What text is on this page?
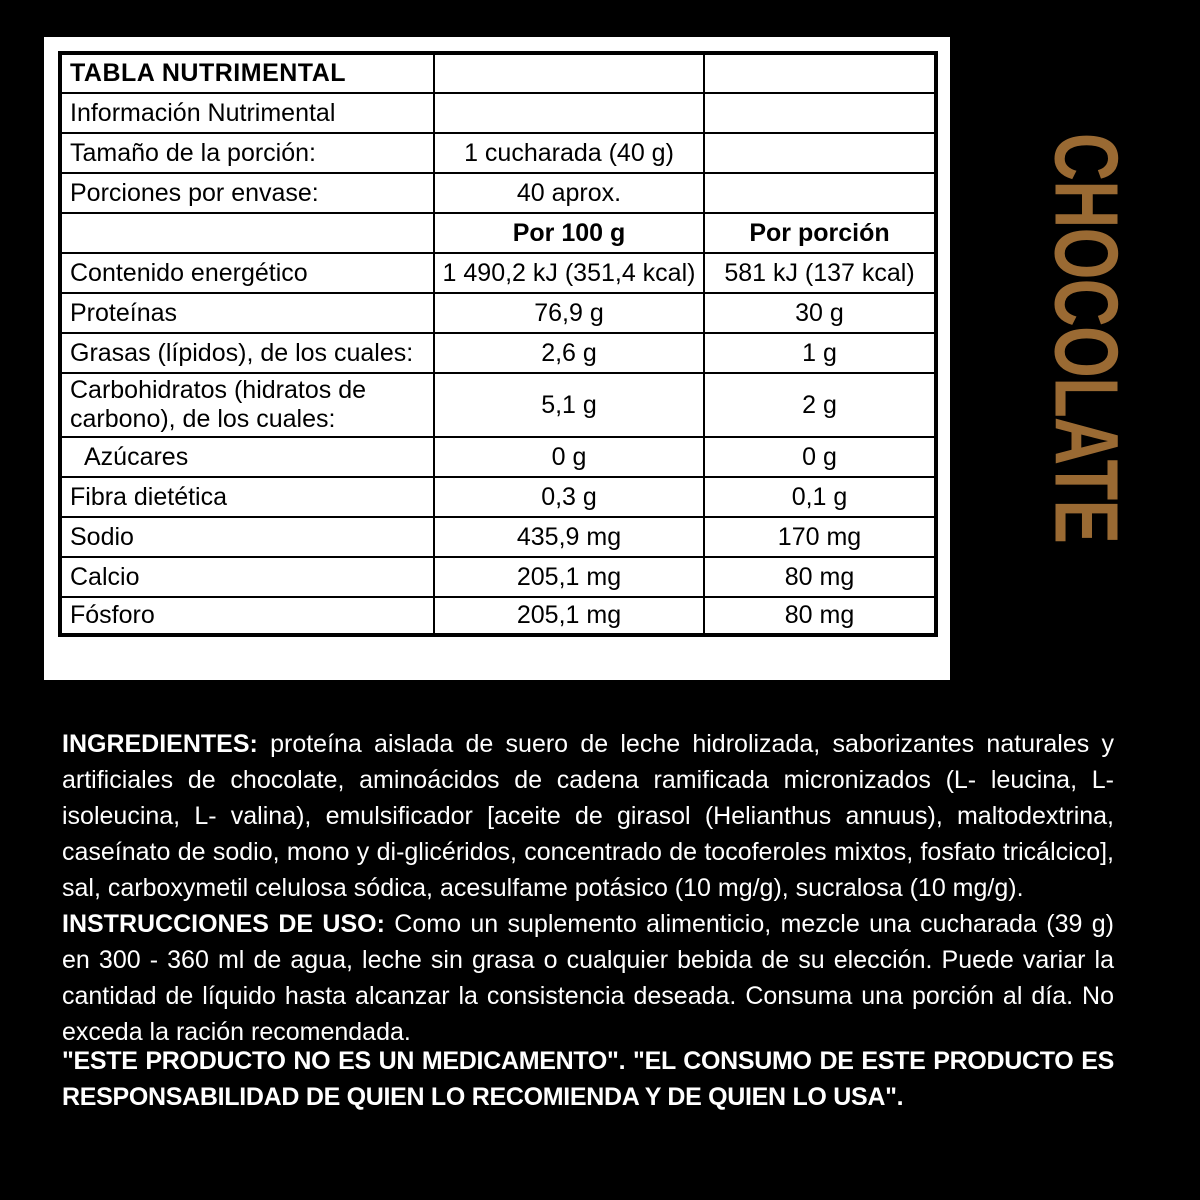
TABLA NUTRIMENTAL		
Información Nutrimental		
Tamaño de la porción:	1 cucharada (40 g)	
Porciones por envase:	40 aprox.	
	Por 100 g	Por porción
Contenido energético	1 490,2 kJ (351,4 kcal)	581 kJ (137 kcal)
Proteínas	76,9 g	30 g
Grasas (lípidos), de los cuales:	2,6 g	1 g
Carbohidratos (hidratos de carbono), de los cuales:	5,1 g	2 g
Azúcares	0 g	0 g
Fibra dietética	0,3 g	0,1 g
Sodio	435,9 mg	170 mg
Calcio	205,1 mg	80 mg
Fósforo	205,1 mg	80 mg
CHOCOLATE

INGREDIENTES: proteína aislada de suero de leche hidrolizada, saborizantes naturales y artificiales de chocolate, aminoácidos de cadena ramificada micronizados (L- leucina, L- isoleucina, L- valina), emulsificador [aceite de girasol (Helianthus annuus), maltodextrina, caseínato de sodio, mono y di-glicéridos, concentrado de tocoferoles mixtos, fosfato tricálcico], sal, carboxymetil celulosa sódica, acesulfame potásico (10 mg/g), sucralosa (10 mg/g).

INSTRUCCIONES DE USO: Como un suplemento alimenticio, mezcle una cucharada (39 g) en 300 - 360 ml de agua, leche sin grasa o cualquier bebida de su elección. Puede variar la cantidad de líquido hasta alcanzar la consistencia deseada. Consuma una porción al día. No exceda la ración recomendada.

"ESTE PRODUCTO NO ES UN MEDICAMENTO". "EL CONSUMO DE ESTE PRODUCTO ES RESPONSABILIDAD DE QUIEN LO RECOMIENDA Y DE QUIEN LO USA".
